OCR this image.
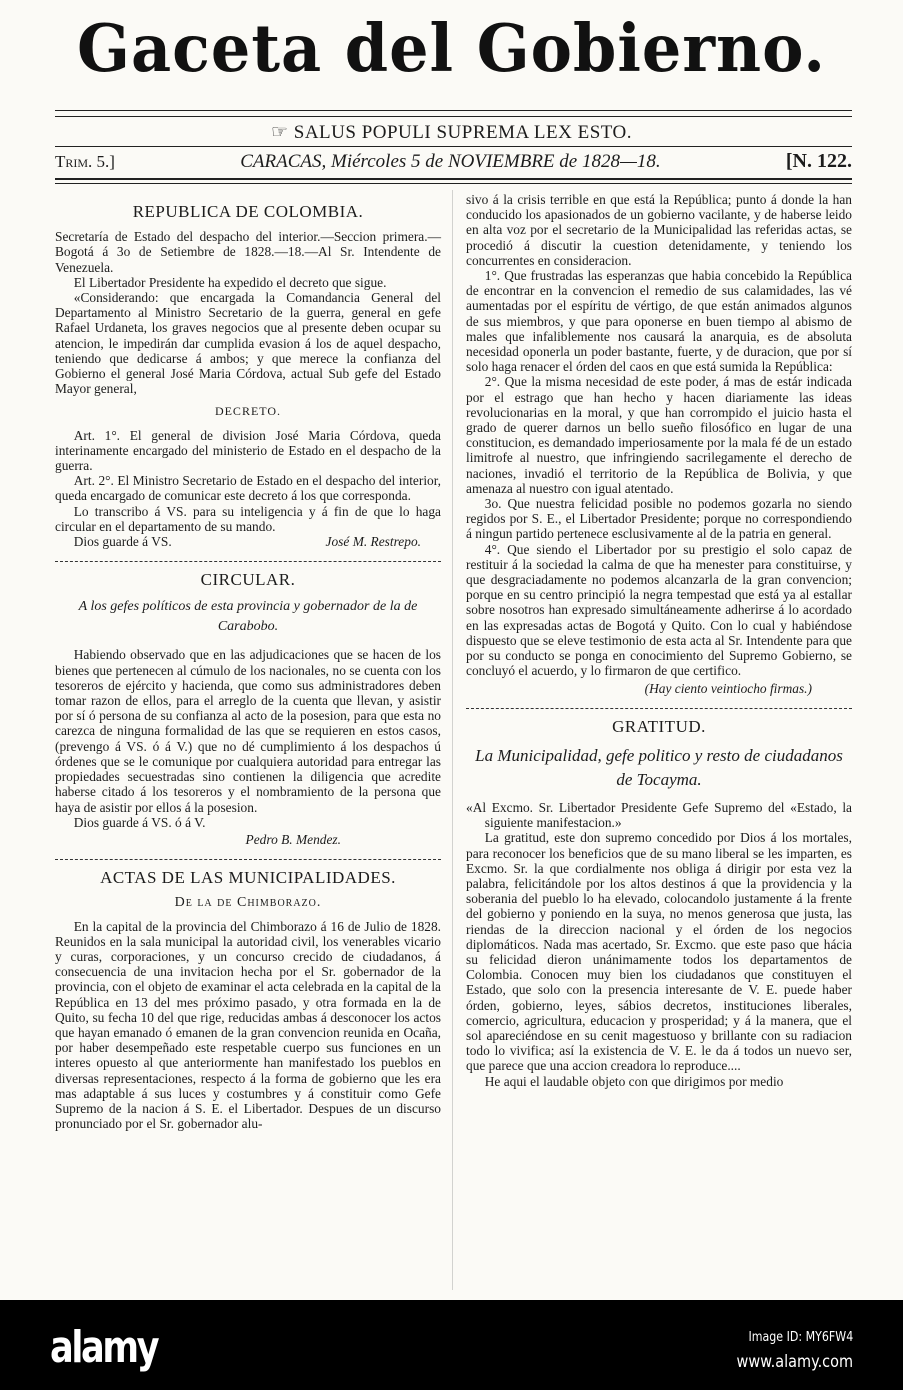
Gaceta del Gobierno.
☞ SALUS POPULI SUPREMA LEX ESTO.
Trim. 5.]	CARACAS, Miércoles 5 de NOVIEMBRE de 1828—18.	[N. 122.
REPUBLICA DE COLOMBIA.

Secretaría de Estado del despacho del interior.—Seccion primera.—Bogotá á 3o de Setiembre de 1828.—18.—Al Sr. Intendente de Venezuela.

El Libertador Presidente ha expedido el decreto que sigue.

«Considerando: que encargada la Comandancia General del Departamento al Ministro Secretario de la guerra, general en gefe Rafael Urdaneta, los graves negocios que al presente deben ocupar su atencion, le impedirán dar cumplida evasion á los de aquel despacho, teniendo que dedicarse á ambos; y que merece la confianza del Gobierno el general José Maria Córdova, actual Sub gefe del Estado Mayor general,

DECRETO.

Art. 1°. El general de division José Maria Córdova, queda interinamente encargado del ministerio de Estado en el despacho de la guerra.

Art. 2°. El Ministro Secretario de Estado en el despacho del interior, queda encargado de comunicar este decreto á los que corresponda.

Lo transcribo á VS. para su inteligencia y á fin de que lo haga circular en el departamento de su mando.

Dios guarde á VS.	José M. Restrepo.
CIRCULAR.
A los gefes políticos de esta provincia y gobernador de la de Carabobo.

Habiendo observado que en las adjudicaciones que se hacen de los bienes que pertenecen al cúmulo de los nacionales, no se cuenta con los tesoreros de ejército y hacienda, que como sus administradores deben tomar razon de ellos, para el arreglo de la cuenta que llevan, y asistir por sí ó persona de su confianza al acto de la posesion, para que esta no carezca de ninguna formalidad de las que se requieren en estos casos, (prevengo á VS. ó á V.) que no dé cumplimiento á los despachos ú órdenes que se le comunique por cualquiera autoridad para entregar las propiedades secuestradas sino contienen la diligencia que acredite haberse citado á los tesoreros y el nombramiento de la persona que haya de asistir por ellos á la posesion.

Dios guarde á VS. ó á V.

Pedro B. Mendez.
ACTAS DE LAS MUNICIPALIDADES.
De la de Chimborazo.

En la capital de la provincia del Chimborazo á 16 de Julio de 1828. Reunidos en la sala municipal la autoridad civil, los venerables vicario y curas, corporaciones, y un concurso crecido de ciudadanos, á consecuencia de una invitacion hecha por el Sr. gobernador de la provincia, con el objeto de examinar el acta celebrada en la capital de la República en 13 del mes próximo pasado, y otra formada en la de Quito, su fecha 10 del que rige, reducidas ambas á desconocer los actos que hayan emanado ó emanen de la gran convencion reunida en Ocaña, por haber desempeñado este respetable cuerpo sus funciones en un interes opuesto al que anteriormente han manifestado los pueblos en diversas representaciones, respecto á la forma de gobierno que les era mas adaptable á sus luces y costumbres y á constituir como Gefe Supremo de la nacion á S. E. el Libertador. Despues de un discurso pronunciado por el Sr. gobernador alu-

sivo á la crisis terrible en que está la República; punto á donde la han conducido los apasionados de un gobierno vacilante, y de haberse leido en alta voz por el secretario de la Municipalidad las referidas actas, se procedió á discutir la cuestion detenidamente, y teniendo los concurrentes en consideracion.

1°. Que frustradas las esperanzas que habia concebido la República de encontrar en la convencion el remedio de sus calamidades, las vé aumentadas por el espíritu de vértigo, de que están animados algunos de sus miembros, y que para oponerse en buen tiempo al abismo de males que infaliblemente nos causará la anarquia, es de absoluta necesidad oponerla un poder bastante, fuerte, y de duracion, que por sí solo haga renacer el órden del caos en que está sumida la República:

2°. Que la misma necesidad de este poder, á mas de estár indicada por el estrago que han hecho y hacen diariamente las ideas revolucionarias en la moral, y que han corrompido el juicio hasta el grado de querer darnos un bello sueño filosófico en lugar de una constitucion, es demandado imperiosamente por la mala fé de un estado limitrofe al nuestro, que infringiendo sacrilegamente el derecho de naciones, invadió el territorio de la República de Bolivia, y que amenaza al nuestro con igual atentado.

3o. Que nuestra felicidad posible no podemos gozarla no siendo regidos por S. E., el Libertador Presidente; porque no correspondiendo á ningun partido pertenece esclusivamente al de la patria en general.

4°. Que siendo el Libertador por su prestigio el solo capaz de restituir á la sociedad la calma de que ha menester para constituirse, y que desgraciadamente no podemos alcanzarla de la gran convencion; porque en su centro principió la negra tempestad que está ya al estallar sobre nosotros han expresado simultáneamente adherirse á lo acordado en las expresadas actas de Bogotá y Quito. Con lo cual y habiéndose dispuesto que se eleve testimonio de esta acta al Sr. Intendente para que por su conducto se ponga en conocimiento del Supremo Gobierno, se concluyó el acuerdo, y lo firmaron de que certifico.

(Hay ciento veintiocho firmas.)
GRATITUD.
La Municipalidad, gefe politico y resto de ciudadanos de Tocayma.

«Al Excmo. Sr. Libertador Presidente Gefe Supremo del «Estado, la siguiente manifestacion.»

La gratitud, este don supremo concedido por Dios á los mortales, para reconocer los beneficios que de su mano liberal se les imparten, es Excmo. Sr. la que cordialmente nos obliga á dirigir por esta vez la palabra, felicitándole por los altos destinos á que la providencia y la soberania del pueblo lo ha elevado, colocandolo justamente á la frente del gobierno y poniendo en la suya, no menos generosa que justa, las riendas de la direccion nacional y el órden de los negocios diplomáticos. Nada mas acertado, Sr. Excmo. que este paso que hácia su felicidad dieron unánimamente todos los departamentos de Colombia. Conocen muy bien los ciudadanos que constituyen el Estado, que solo con la presencia interesante de V. E. puede haber órden, gobierno, leyes, sábios decretos, instituciones liberales, comercio, agricultura, educacion y prosperidad; y á la manera, que el sol apareciéndose en su cenit magestuoso y brillante con su radiacion todo lo vivifica; así la existencia de V. E. le da á todos un nuevo ser, que parece que una accion creadora lo reproduce....

He aqui el laudable objeto con que dirigimos por medio

alamy	Image ID: MY6FW4
www.alamy.com
